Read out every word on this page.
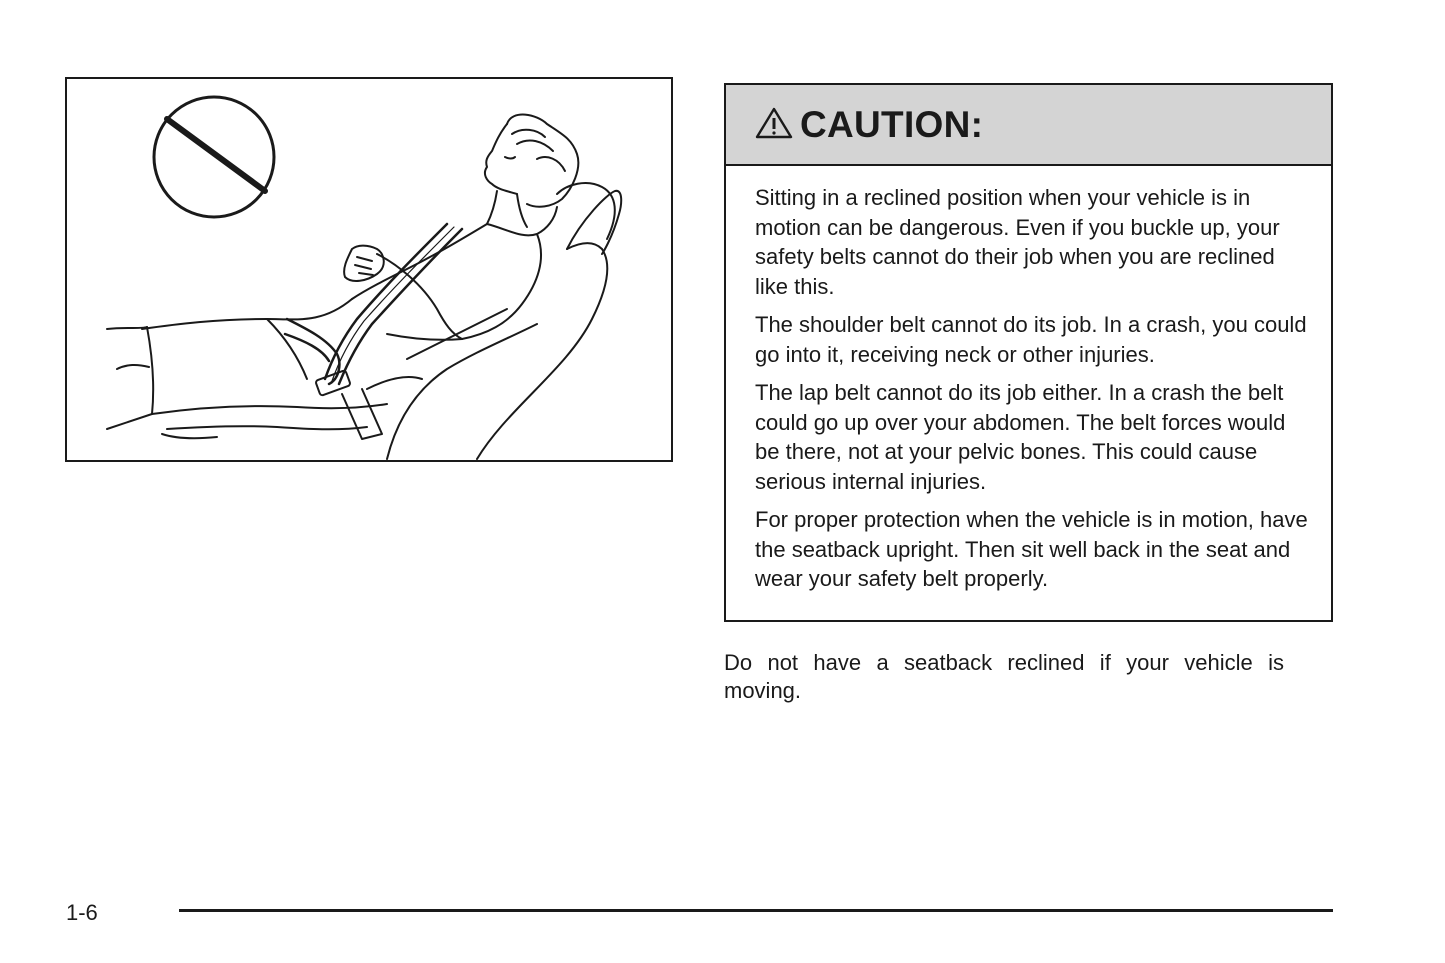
CAUTION:

Sitting in a reclined position when your vehicle is in motion can be dangerous. Even if you buckle up, your safety belts cannot do their job when you are reclined like this.

The shoulder belt cannot do its job. In a crash, you could go into it, receiving neck or other injuries.

The lap belt cannot do its job either. In a crash the belt could go up over your abdomen. The belt forces would be there, not at your pelvic bones. This could cause serious internal injuries.

For proper protection when the vehicle is in motion, have the seatback upright. Then sit well back in the seat and wear your safety belt properly.

Do not have a seatback reclined if your vehicle is moving.

1-6
